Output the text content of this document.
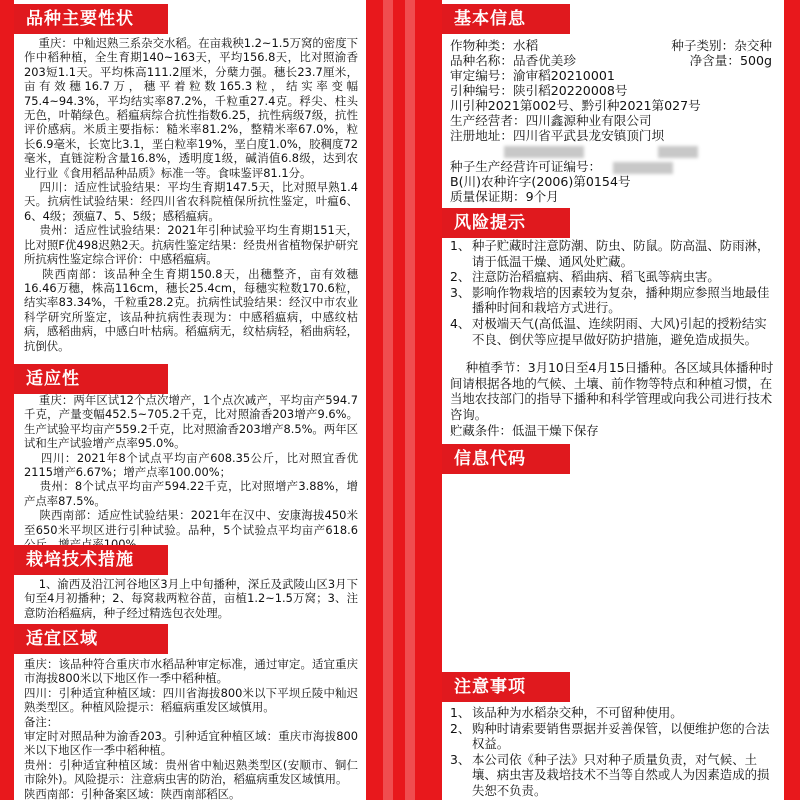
品种主要性状
重庆：中籼迟熟三系杂交水稻。在亩栽秧1.2~1.5万窝的密度下作中稻种植，全生育期140~163天，平均156.8天，比对照渝香203短1.1天。平均株高111.2厘米，分蘖力强。穗长23.7厘米，亩有效穗16.7万，穗平着粒数165.3粒，结实率变幅75.4~94.3%，平均结实率87.2%，千粒重27.4克。稃尖、柱头无色，叶鞘绿色。稻瘟病综合抗性指数6.25，抗性病级7级，抗性评价感病。米质主要指标：糙米率81.2%，整精米率67.0%，粒长6.9毫米，长宽比3.1，垩白粒率19%，垩白度1.0%，胶稠度72毫米，直链淀粉含量16.8%，透明度1级，碱消值6.8级，达到农业行业《食用稻品种品质》标准一等。食味鉴评81.1分。
四川：适应性试验结果：平均生育期147.5天，比对照早熟1.4天。抗病性试验结果：经四川省农科院植保所抗性鉴定，叶瘟6、6、4级；颈瘟7、5、5级；感稻瘟病。
贵州：适应性试验结果：2021年引种试验平均生育期151天，比对照F优498迟熟2天。抗病性鉴定结果：经贵州省植物保护研究所抗病性鉴定综合评价：中感稻瘟病。
陕西南部：该品种全生育期150.8天，出穗整齐，亩有效穗16.46万穗，株高116cm，穗长25.4cm，每穗实粒数170.6粒，结实率83.34%，千粒重28.2克。抗病性试验结果：经汉中市农业科学研究所鉴定，该品种抗病性表现为：中感稻瘟病，中感纹枯病，感稻曲病，中感白叶枯病。稻瘟病无，纹枯病轻，稻曲病轻，抗倒伏。
适应性
重庆：两年区试12个点次增产，1个点次减产，平均亩产594.7千克，产量变幅452.5~705.2千克，比对照渝香203增产9.6%。生产试验平均亩产559.2千克，比对照渝香203增产8.5%。两年区试和生产试验增产点率95.0%。
四川：2021年8个试点平均亩产608.35公斤，比对照宜香优2115增产6.67%；增产点率100.00%；
贵州：8个试点平均亩产594.22千克，比对照增产3.88%，增产点率87.5%。
陕西南部：适应性试验结果：2021年在汉中、安康海拔450米至650米平坝区进行引种试验。品种，5个试验点平均亩产618.6
栽培技术措施
1、渝西及沿江河谷地区3月上中旬播种，深丘及武陵山区3月下旬至4月初播种；2、每窝栽两粒谷苗，亩植1.2~1.5万窝；3、注意防治稻瘟病，种子经过精选包衣处理。
适宜区域
重庆：该品种符合重庆市水稻品种审定标准，通过审定。适宜重庆市海拔800米以下地区作一季中稻种植。
四川：引种适宜种植区域：四川省海拔800米以下平坝丘陵中籼迟熟类型区。种植风险提示：稻瘟病重发区域慎用。
备注：
审定时对照品种为渝香203。引种适宜种植区域：重庆市海拔800米以下地区作一季中稻种植。
贵州：引种适宜种植区域：贵州省中籼迟熟类型区(安顺市、铜仁市除外)。风险提示：注意病虫害的防治，稻瘟病重发区域慎用。
陕西南部：引种备案区域：陕西南部稻区。
基本信息
作物种类：水稻	种子类别：杂交种
品种名称：品香优美珍	净含量：500g
审定编号：渝审稻20210001
引种编号：陕引稻20220008号
川引种2021第002号、黔引种2021第027号
生产经营者：四川鑫源种业有限公司
注册地址：四川省平武县龙安镇顶门坝

种子生产经营许可证编号：
B(川)农种许字(2006)第0154号
质量保证期：9个月
风险提示
1、 种子贮藏时注意防潮、防虫、防鼠。防高温、防雨淋，请于低温干燥、通风处贮藏。
2、 注意防治稻瘟病、稻曲病、稻飞虱等病虫害。
3、 影响作物栽培的因素较为复杂，播种期应参照当地最佳播种时间和栽培方式进行。
4、 对极端天气(高低温、连续阴雨、大风)引起的授粉结实不良、倒伏等应提早做好防护措施，避免造成损失。
种植季节：3月10日至4月15日播种。各区域具体播种时间请根据各地的气候、土壤、前作物等特点和种植习惯，在当地农技部门的指导下播种和科学管理或向我公司进行技术咨询。
贮藏条件：低温干燥下保存
信息代码
注意事项
1、 该品种为水稻杂交种，不可留种使用。
2、 购种时请索要销售票据并妥善保管，以便维护您的合法权益。
3、 本公司依《种子法》只对种子质量负责，对气候、土壤、病虫害及栽培技术不当等自然或人为因素造成的损失恕不负责。
